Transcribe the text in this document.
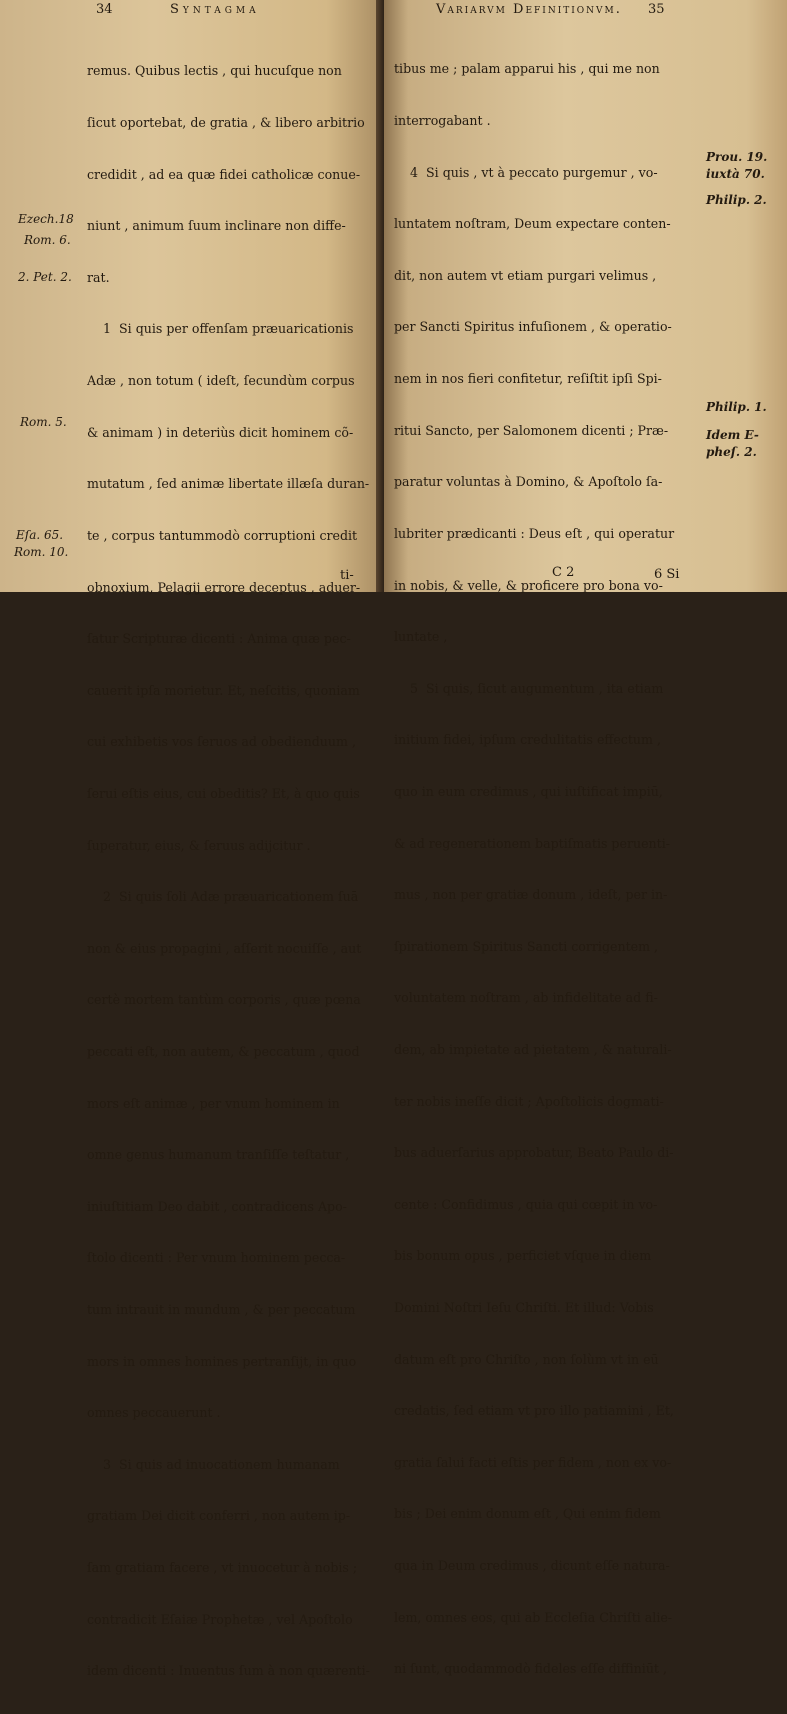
34	Syntagma

remus. Quibus lectis , qui hucuſque non

ſicut oportebat, de gratia , & libero arbitrio

credidit , ad ea quæ fidei catholicæ conue-

niunt , animum ſuum inclinare non diffe-

rat.

1  Si quis per offenſam præuaricationis

Adæ , non totum ( ideſt, ſecundùm corpus

& animam ) in deteriùs dicit hominem cõ-

mutatum , ſed animæ libertate illæſa duran-

te , corpus tantummodò corruptioni credit

obnoxium, Pelagij errore deceptus , aduer-

ſatur Scripturæ dicenti : Anima quæ pec-

cauerit ipſa morietur. Et, neſcitis, quoniam

cui exhibetis vos ſeruos ad obedienduum ,

ſerui eſtis eius, cui obeditis? Et, à quo quis

ſuperatur, eius, & ſeruus adijcitur .

2  Si quis ſoli Adæ præuaricationem ſuā

non & eius propagini , aſſerit nocuiſſe , aut

certè mortem tantùm corporis , quæ pœna

peccati eſt, non autem, & peccatum , quod

mors eſt animæ , per vnum hominem in

omne genus humanum tranſiſſe teſtatur ,

iniuſtitiam Deo dabit , contradicens Apo-

ſtolo dicenti : Per vnum hominem pecca-

tum intrauit in mundum , & per peccatum

mors in omnes homines pertranſijt, in quo

omnes peccauerunt .

3  Si quis ad inuocationem humanam

gratiam Dei dicit conferri , non autem ip-

ſam gratiam facere , vt inuocetur à nobis ;

contradicit Eſaiæ Prophetæ , vel Apoſtolo

idem dicenti : Inuentus ſum à non quærenti-

ti-
Ezech.18
Rom. 6.
2. Pet. 2.
Rom. 5.
Eſa. 65.
Rom. 10.
Variarvm Definitionvm. 35

tibus me ; palam apparui his , qui me non

interrogabant .

4  Si quis , vt à peccato purgemur , vo-

luntatem noſtram, Deum expectare conten-

dit, non autem vt etiam purgari velimus ,

per Sancti Spiritus infuſionem , & operatio-

nem in nos fieri confitetur, reſiſtit ipſi Spi-

ritui Sancto, per Salomonem dicenti ; Præ-

paratur voluntas à Domino, & Apoſtolo ſa-

lubriter prædicanti : Deus eſt , qui operatur

in nobis, & velle, & proficere pro bona vo-

luntate ,

5  Si quis, ſicut augumentum , ita etiam

initium fidei, ipſum credulitatis effectum ,

quo in eum credimus , qui iuſtificat impiū,

& ad regenerationem baptiſmatis peruenti-

mus , non per gratiæ donum , ideſt, per in-

ſpirationem Spiritus Sancti corrigentem ,

voluntatem noſtram , ab infidelitate ad fi-

dem, ab impietate ad pietatem , & naturali-

ter nobis ineſſe dicit ; Apoſtolicis dogmati-

bus aduerſarius approbatur, Beato Paulo di-

cente : Confidimus , quia qui cœpit in vo-

bis bonum opus , perficiet vſque in diem

Domini Noſtri Ieſu Chriſti. Et illud: Vobis

datum eſt pro Chriſto , non ſolùm vt in eū

credatis, ſed etiam vt pro illo patiamini , Et,

gratia ſalui facti eſtis per fidem , non ex vo-

bis ; Dei enim donum eſt , Qui enim fidem

qua in Deum credimus , dicunt eſſe natura-

lem, omnes eos, qui ab Eccleſia Chriſti alie-

ni ſunt, quodammodò fideles eſſe diffiniūt ,

C 2	6 Si
Prou. 19.
iuxtà 70.
Philip. 2.
Philip. 1.
Idem E-
pheſ. 2.
